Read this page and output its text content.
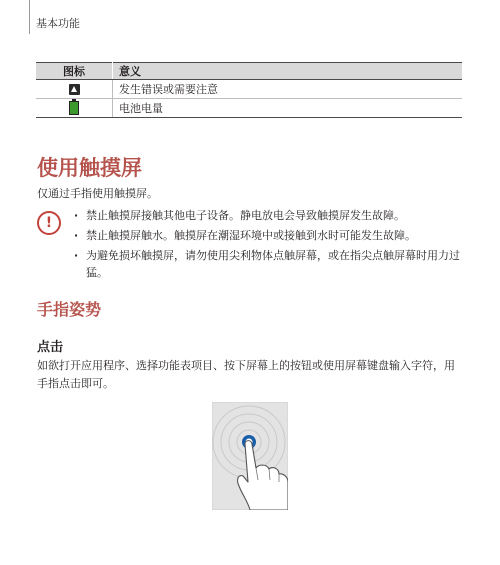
基本功能
图标	意义
	发生错误或需要注意
	电池电量
使用触摸屏

仅通过手指使用触摸屏。

!	· 禁止触摸屏接触其他电子设备。静电放电会导致触摸屏发生故障。
· 禁止触摸屏触水。触摸屏在潮湿环境中或接触到水时可能发生故障。
· 为避免损坏触摸屏，请勿使用尖利物体点触屏幕，或在指尖点触屏幕时用力过猛。
手指姿势
点击

如欲打开应用程序、选择功能表项目、按下屏幕上的按钮或使用屏幕键盘输入字符，用手指点击即可。
